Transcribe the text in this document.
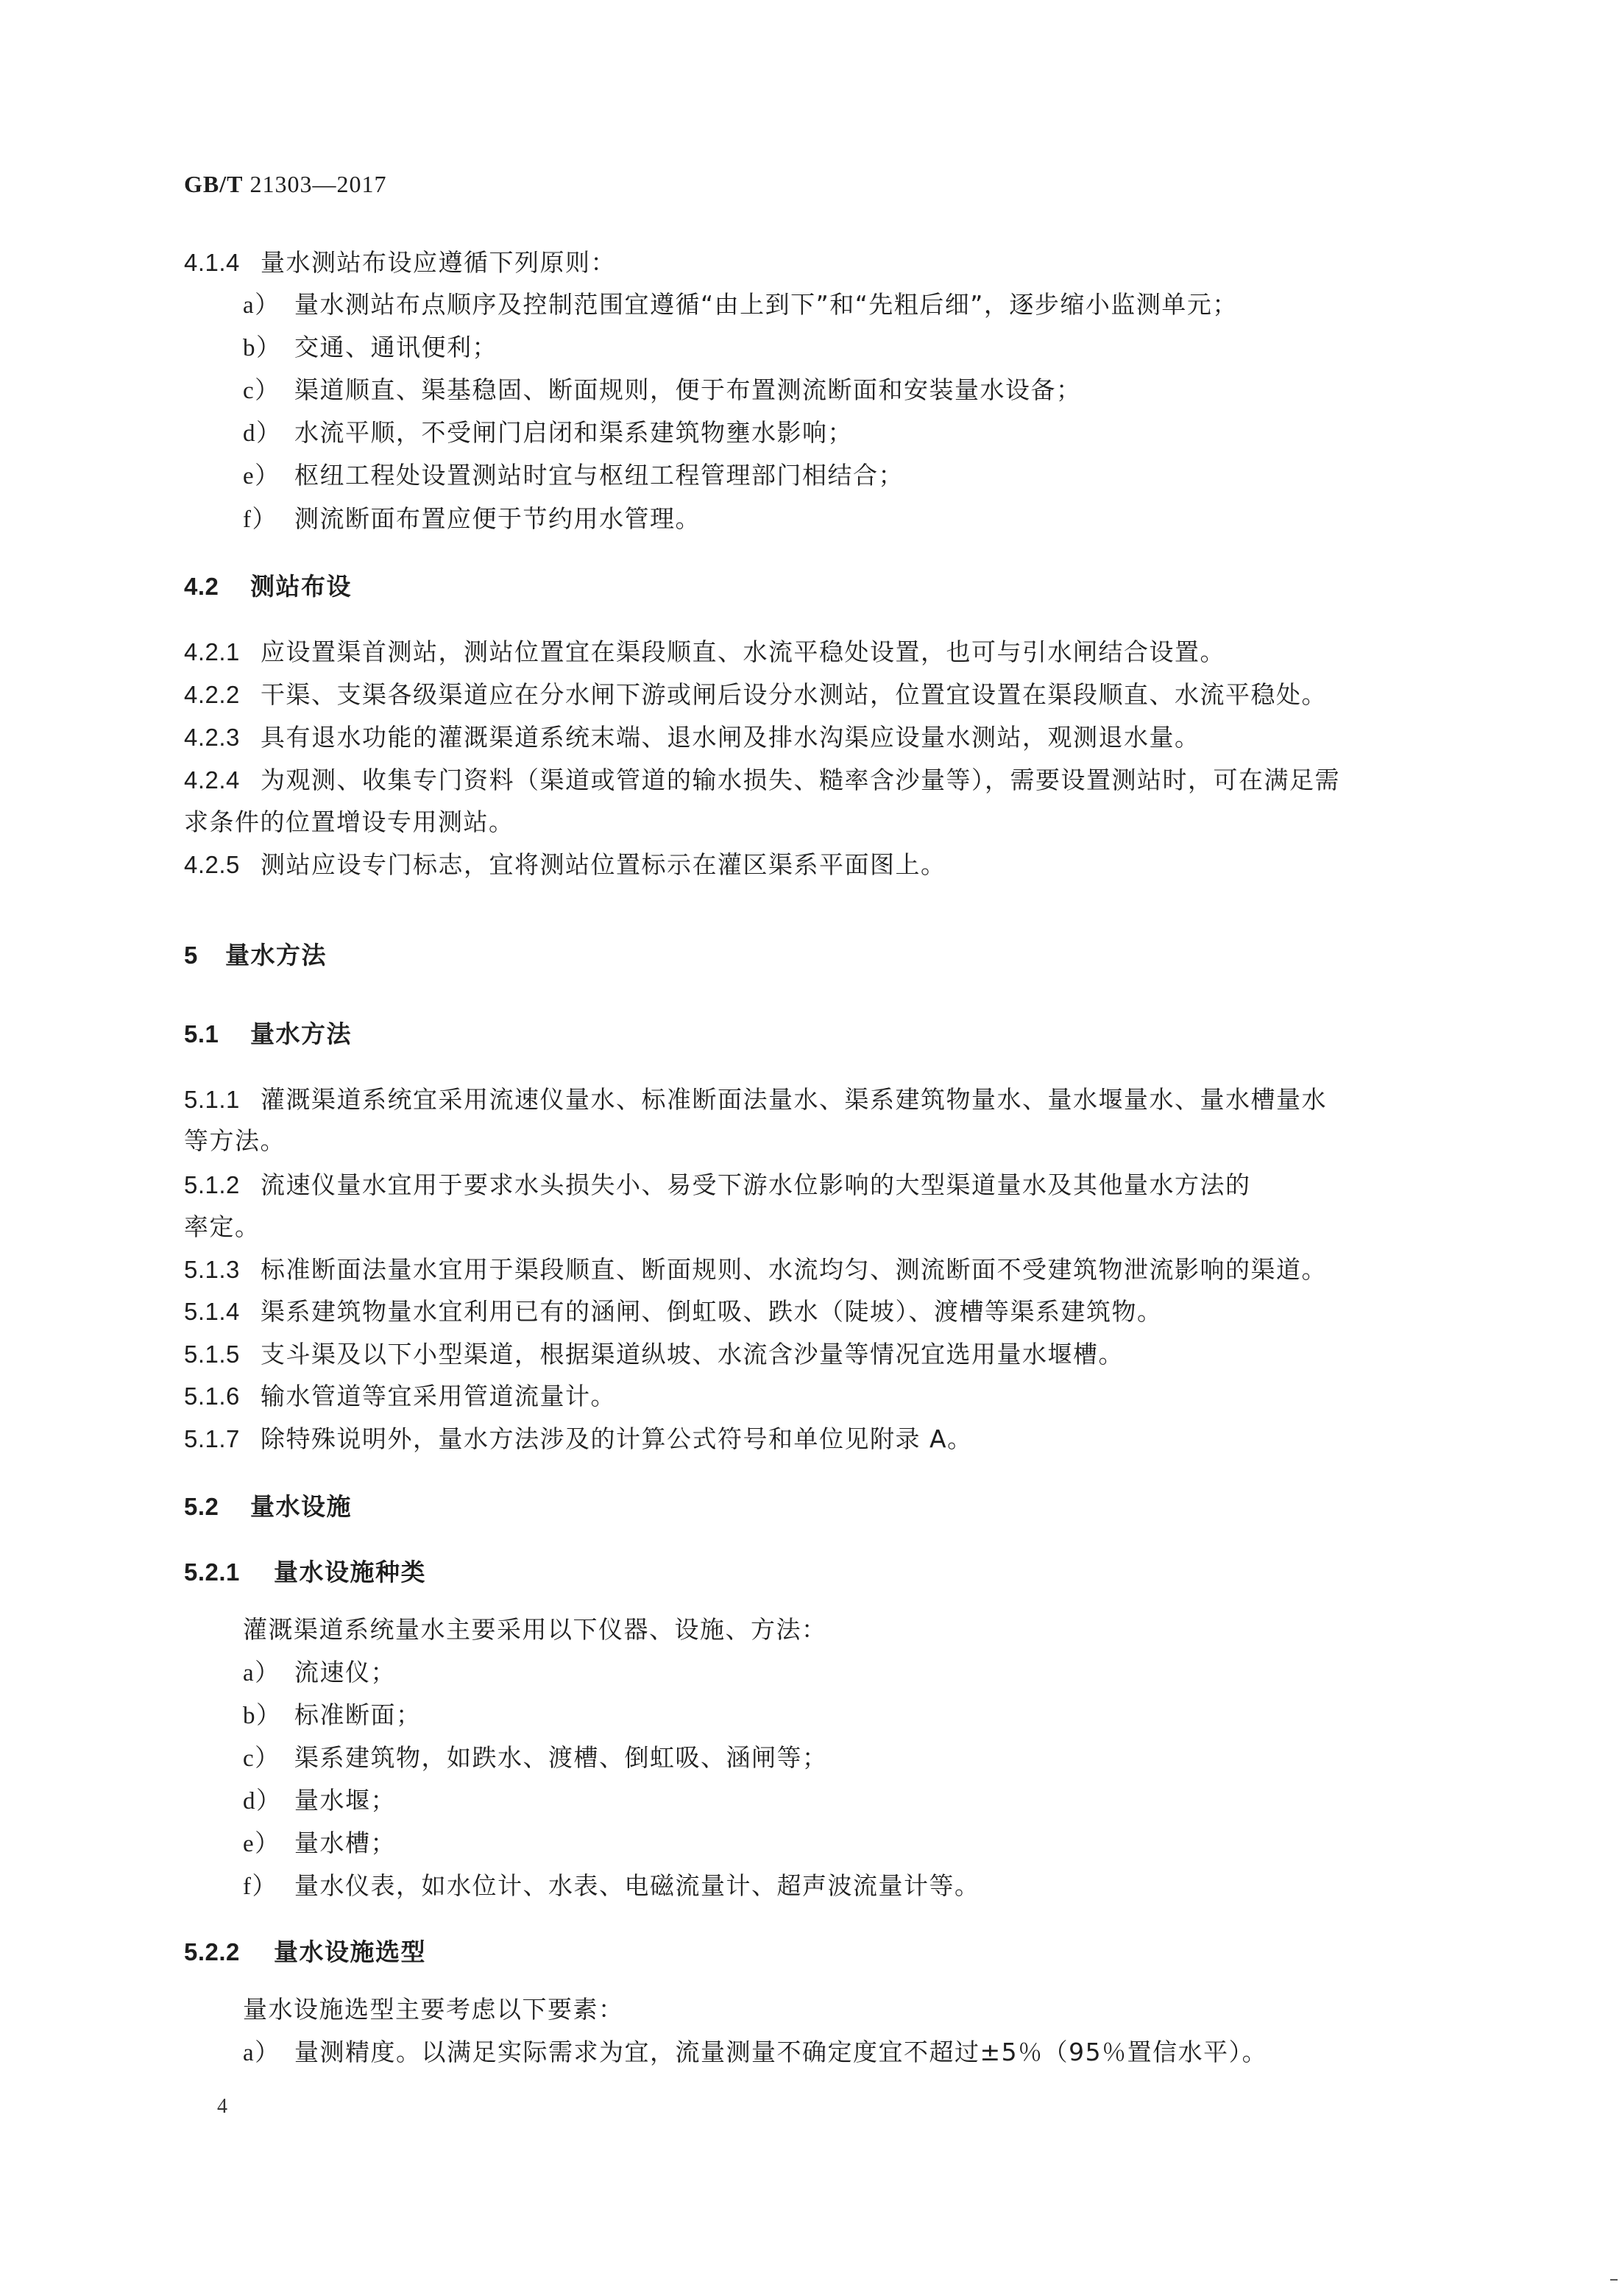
GB/T 21303—2017
4.1.4 量水测站布设应遵循下列原则：
a） 量水测站布点顺序及控制范围宜遵循“由上到下”和“先粗后细”，逐步缩小监测单元；
b） 交通、通讯便利；
c） 渠道顺直、渠基稳固、断面规则，便于布置测流断面和安装量水设备；
d） 水流平顺，不受闸门启闭和渠系建筑物壅水影响；
e） 枢纽工程处设置测站时宜与枢纽工程管理部门相结合；
f） 测流断面布置应便于节约用水管理。
4.2 测站布设
4.2.1 应设置渠首测站，测站位置宜在渠段顺直、水流平稳处设置，也可与引水闸结合设置。
4.2.2 干渠、支渠各级渠道应在分水闸下游或闸后设分水测站，位置宜设置在渠段顺直、水流平稳处。
4.2.3 具有退水功能的灌溉渠道系统末端、退水闸及排水沟渠应设量水测站，观测退水量。
4.2.4 为观测、收集专门资料（渠道或管道的输水损失、糙率含沙量等），需要设置测站时，可在满足需
求条件的位置增设专用测站。
4.2.5 测站应设专门标志，宜将测站位置标示在灌区渠系平面图上。
5 量水方法
5.1 量水方法
5.1.1 灌溉渠道系统宜采用流速仪量水、标准断面法量水、渠系建筑物量水、量水堰量水、量水槽量水
等方法。
5.1.2 流速仪量水宜用于要求水头损失小、易受下游水位影响的大型渠道量水及其他量水方法的
率定。
5.1.3 标准断面法量水宜用于渠段顺直、断面规则、水流均匀、测流断面不受建筑物泄流影响的渠道。
5.1.4 渠系建筑物量水宜利用已有的涵闸、倒虹吸、跌水（陡坡）、渡槽等渠系建筑物。
5.1.5 支斗渠及以下小型渠道，根据渠道纵坡、水流含沙量等情况宜选用量水堰槽。
5.1.6 输水管道等宜采用管道流量计。
5.1.7 除特殊说明外，量水方法涉及的计算公式符号和单位见附录 A。
5.2 量水设施
5.2.1 量水设施种类
灌溉渠道系统量水主要采用以下仪器、设施、方法：
a） 流速仪；
b） 标准断面；
c） 渠系建筑物，如跌水、渡槽、倒虹吸、涵闸等；
d） 量水堰；
e） 量水槽；
f） 量水仪表，如水位计、水表、电磁流量计、超声波流量计等。
5.2.2 量水设施选型
量水设施选型主要考虑以下要素：
a） 量测精度。以满足实际需求为宜，流量测量不确定度宜不超过±5％（95％置信水平）。
4
